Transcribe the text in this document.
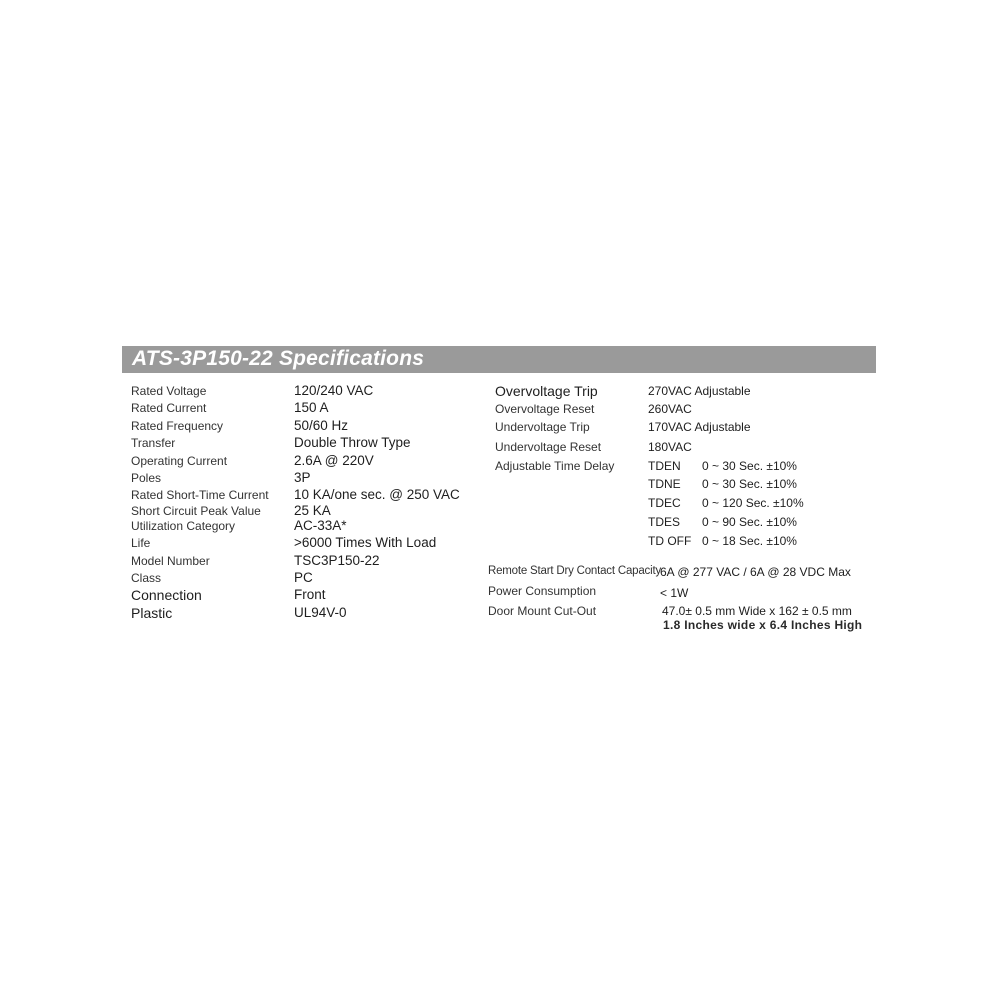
ATS-3P150-22 Specifications
Rated Voltage	120/240 VAC
Rated Current	150 A
Rated Frequency	50/60 Hz
Transfer	Double Throw Type
Operating Current	2.6A @ 220V
Poles	3P
Rated Short-Time Current 10 KA/one sec. @ 250 VAC
Short Circuit Peak Value 25 KA
Utilization Category	AC-33A*
Life	>6000 Times With Load
Model Number	TSC3P150-22
Class	PC
Connection	Front
Plastic	UL94V-0
Overvoltage Trip	270VAC Adjustable
Overvoltage Reset	260VAC
Undervoltage Trip	170VAC Adjustable
Undervoltage Reset	180VAC
Adjustable Time Delay	TDEN 0 ~ 30 Sec. ±10%
TDNE 0 ~ 30 Sec. ±10%
TDEC 0 ~ 120 Sec. ±10%
TDES 0 ~ 90 Sec. ±10%
TD OFF 0 ~ 18 Sec. ±10%
Remote Start Dry Contact Capacity 6A @ 277 VAC / 6A @ 28 VDC Max
Power Consumption	< 1W
Door Mount Cut-Out	47.0± 0.5 mm Wide x 162 ± 0.5 mm
1.8 Inches wide x 6.4 Inches High
